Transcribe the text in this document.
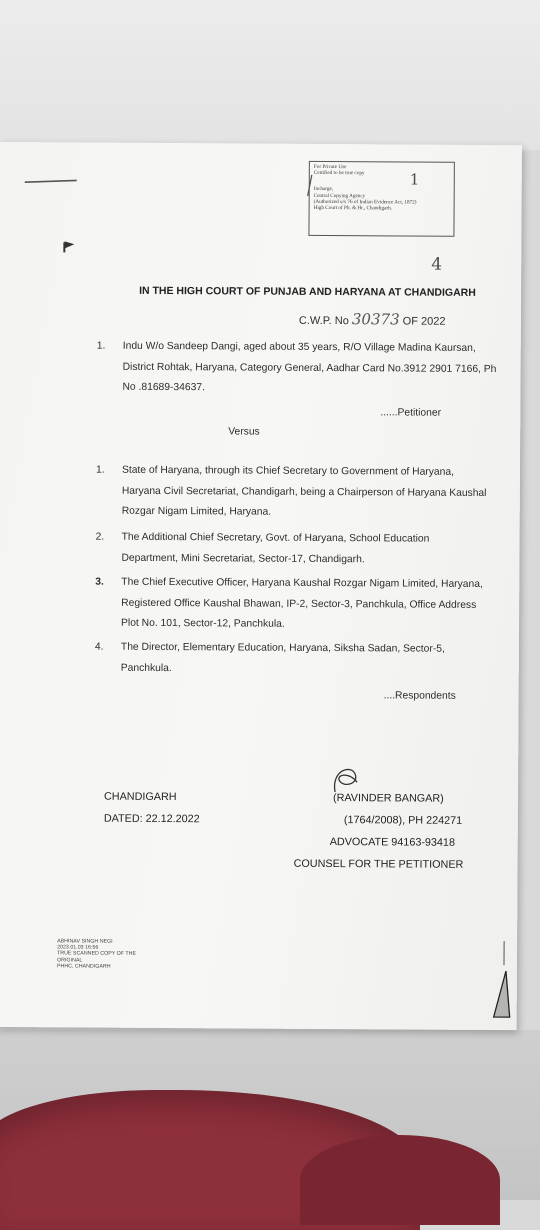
For Private Use
Certified to be true copy
Incharge,
Central Copying Agency
(Authorized u/s 76 of Indian Evidence Act, 1872)
High Court of Pb. & Hr., Chandigarh.
1
4
IN THE HIGH COURT OF PUNJAB AND HARYANA AT CHANDIGARH
C.W.P. No 30373 OF 2022
1. Indu W/o Sandeep Dangi, aged about 35 years, R/O Village Madina Kaursan,
District Rohtak, Haryana, Category General, Aadhar Card No.3912 2901 7166, Ph
No .81689-34637.
......Petitioner
Versus
1. State of Haryana, through its Chief Secretary to Government of Haryana,
Haryana Civil Secretariat, Chandigarh, being a Chairperson of Haryana Kaushal
Rozgar Nigam Limited, Haryana.
2. The Additional Chief Secretary, Govt. of Haryana, School Education
Department, Mini Secretariat, Sector-17, Chandigarh.
3. The Chief Executive Officer, Haryana Kaushal Rozgar Nigam Limited, Haryana,
Registered Office Kaushal Bhawan, IP-2, Sector-3, Panchkula, Office Address
Plot No. 101, Sector-12, Panchkula.
4. The Director, Elementary Education, Haryana, Siksha Sadan, Sector-5,
Panchkula.
....Respondents
CHANDIGARH
DATED: 22.12.2022
(RAVINDER BANGAR)
(1764/2008), PH 224271
ADVOCATE 94163-93418
COUNSEL FOR THE PETITIONER
ABHINAV SINGH NEGI
2023.01.03 16:56
TRUE SCANNED COPY OF THE
ORIGINAL
PHHC, CHANDIGARH
